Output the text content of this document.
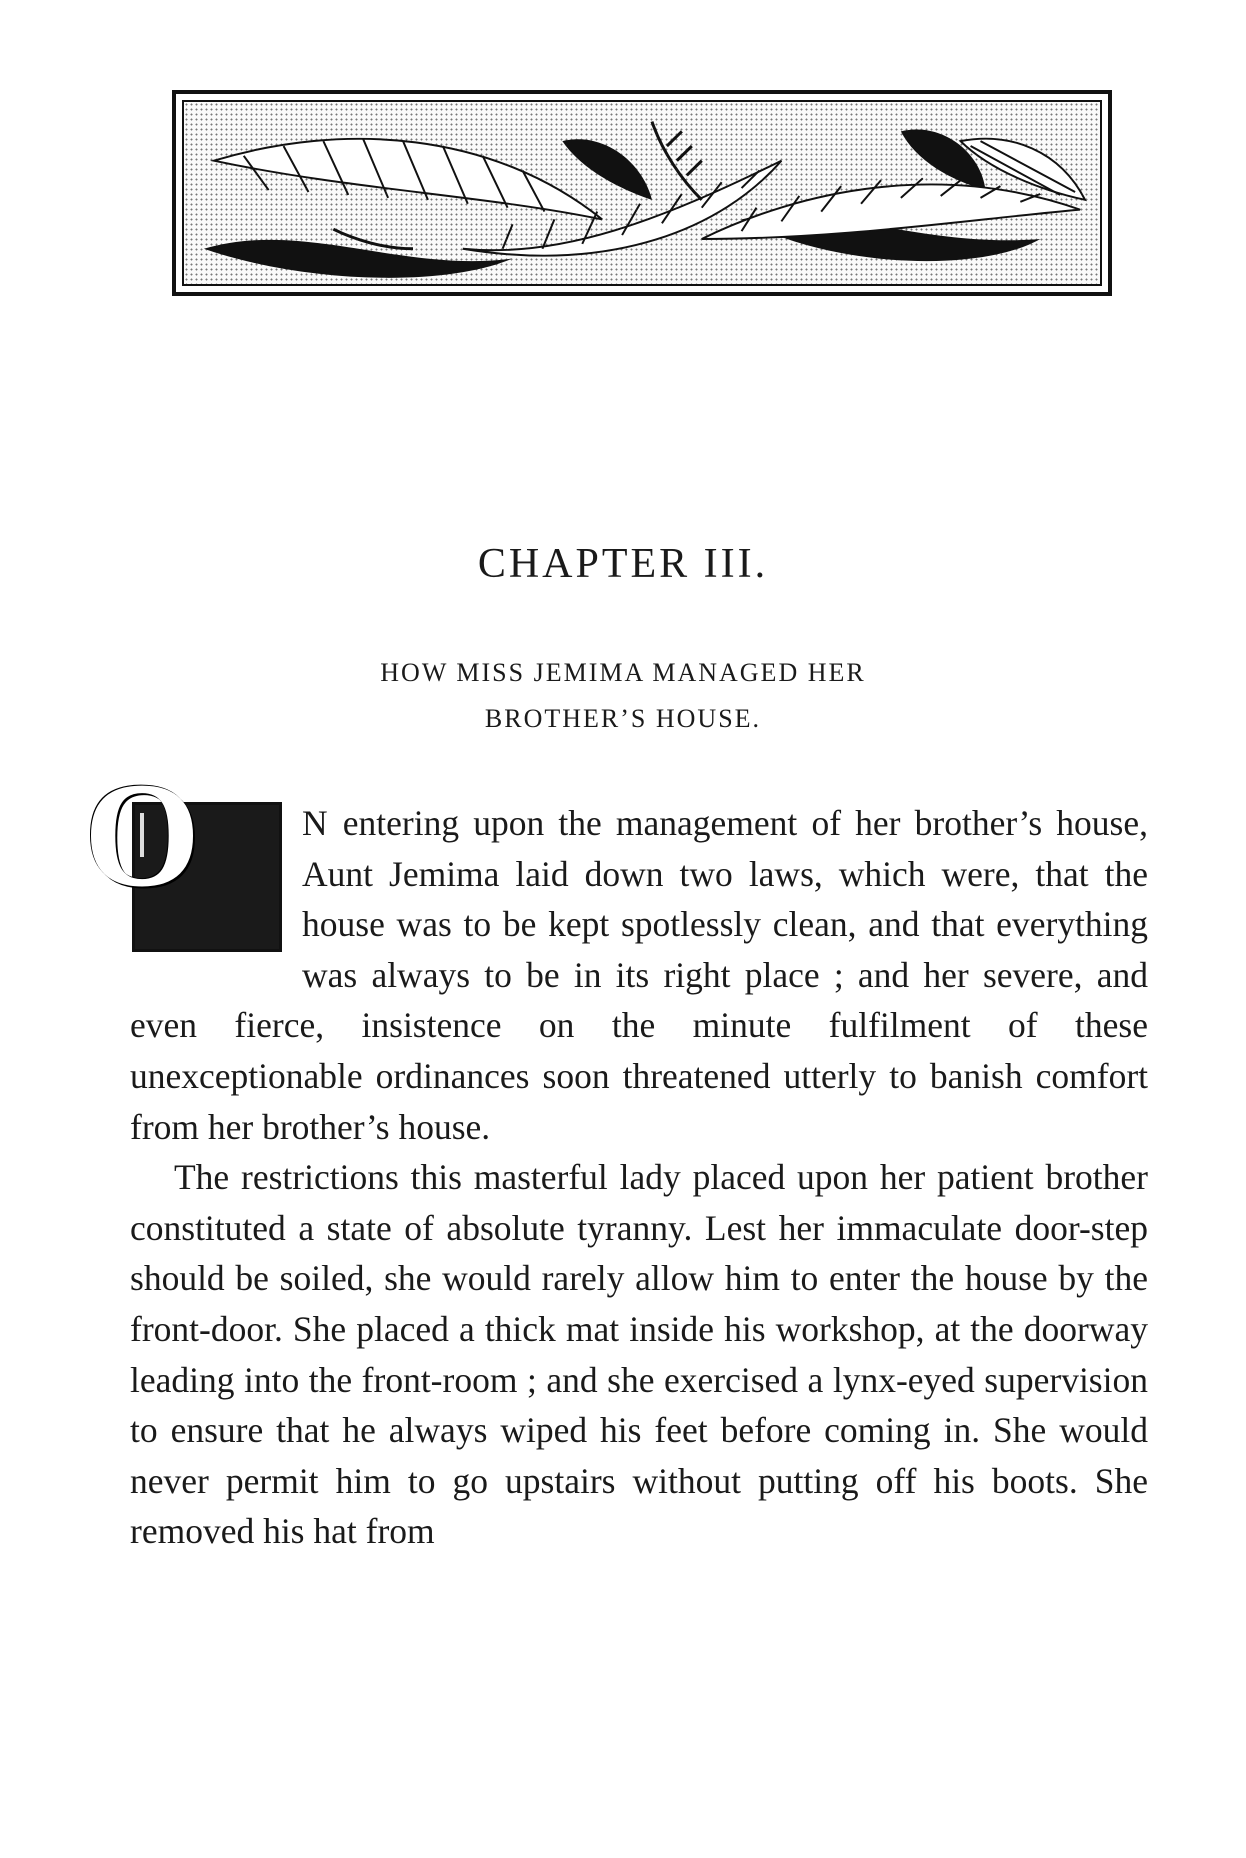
CHAPTER III.
HOW MISS JEMIMA MANAGED HER
BROTHER’S HOUSE.

O	N entering upon the management of her brother’s house, Aunt Jemima laid down two laws, which were, that the house was to be kept spotlessly clean, and that everything was always to be in its right place ; and her severe, and even fierce, insistence on the minute fulfilment of these unexceptionable ordinances soon threatened utterly to banish comfort from her brother’s house.

The restrictions this masterful lady placed upon her patient brother constituted a state of absolute tyranny. Lest her immaculate door-step should be soiled, she would rarely allow him to enter the house by the front-door. She placed a thick mat inside his workshop, at the doorway leading into the front-room ; and she exercised a lynx-eyed supervision to ensure that he always wiped his feet before coming in. She would never permit him to go upstairs without putting off his boots. She removed his hat from
